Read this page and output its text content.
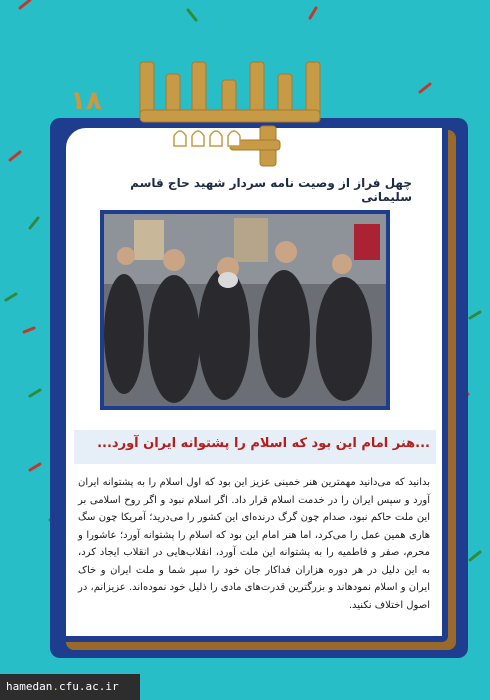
۱۸
چهل فراز از وصیت نامه سردار شهید حاج قاسم سلیمانی
...هنر امام این بود که اسلام را پشتوانه ایران آورد...
بدانید که می‌دانید مهمترین هنر خمینی عزیز این بود که اول اسلام را به پشتوانه ایران آورد و سپس ایران را در خدمت اسلام قرار داد. اگر اسلام نبود و اگر روح اسلامی بر این ملت حاکم نبود، صدام چون گرگ درنده‌ای این کشور را می‌درید؛ آمریکا چون سگ هاری همین عمل را می‌کرد، اما هنر امام این بود که اسلام را پشتوانه آورد؛ عاشورا و محرم، صفر و فاطمیه را به پشتوانه این ملت آورد، انقلاب‌هایی در انقلاب ایجاد کرد، به این دلیل در هر دوره هزاران فداکار جان خود را سپر شما و ملت ایران و خاک ایران و اسلام نمودهاند و بزرگترین قدرت‌های مادی را ذلیل خود نموده‌اند. عزیزانم، در اصول اختلاف نکنید.
hamedan.cfu.ac.ir
